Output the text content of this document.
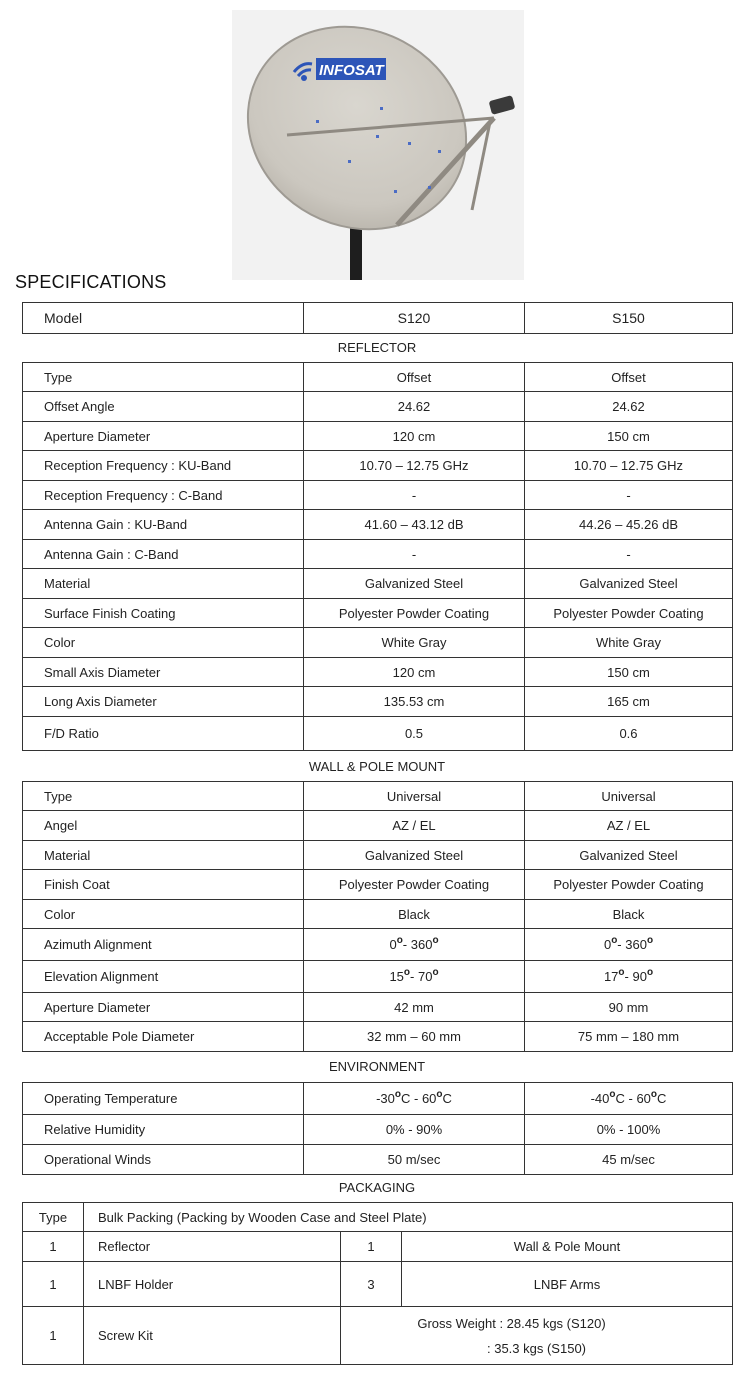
INFOSAT
SPECIFICATIONS
Model	S120	S150
REFLECTOR
Type	Offset	Offset
Offset Angle	24.62	24.62
Aperture Diameter	120 cm	150 cm
Reception Frequency : KU-Band	10.70 – 12.75 GHz	10.70 – 12.75 GHz
Reception Frequency : C-Band	-	-
Antenna Gain : KU-Band	41.60 – 43.12 dB	44.26 – 45.26 dB
Antenna Gain : C-Band	-	-
Material	Galvanized Steel	Galvanized Steel
Surface Finish Coating	Polyester Powder Coating	Polyester Powder Coating
Color	White Gray	White Gray
Small Axis Diameter	120 cm	150 cm
Long Axis Diameter	135.53 cm	165 cm
F/D Ratio	0.5	0.6
WALL & POLE MOUNT
Type	Universal	Universal
Angel	AZ / EL	AZ / EL
Material	Galvanized Steel	Galvanized Steel
Finish Coat	Polyester Powder Coating	Polyester Powder Coating
Color	Black	Black
Azimuth Alignment	0$^o$- 360$^o$	0$^o$- 360$^o$
Elevation Alignment	15$^o$- 70$^o$	17$^o$- 90$^o$
Aperture Diameter	42 mm	90 mm
Acceptable Pole Diameter	32 mm – 60 mm	75 mm – 180 mm
ENVIRONMENT
Operating Temperature	-30$^o$C - 60$^o$C	-40$^o$C - 60$^o$C
Relative Humidity	0% - 90%	0% - 100%
Operational Winds	50 m/sec	45 m/sec
PACKAGING
Type	Bulk Packing (Packing by Wooden Case and Steel Plate)		
1	Reflector	1	Wall & Pole Mount
1	LNBF Holder	3	LNBF Arms
1	Screw Kit	Gross Weight : 28.45 kgs (S120)
: 35.3 kgs (S150)	
